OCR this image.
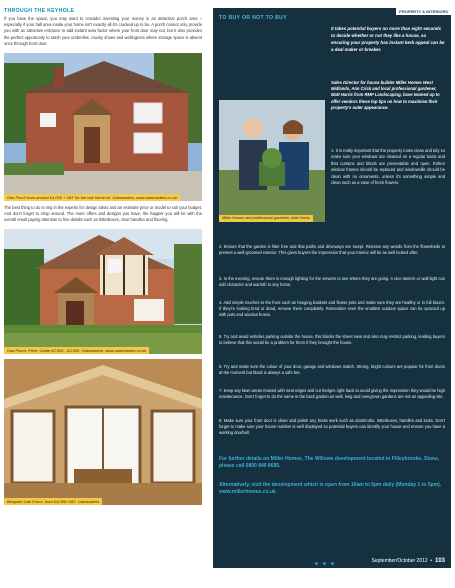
THROUGH THE KEYHOLE

If you have the space, you may want to consider investing your money in an attractive porch area – especially if your hall area inside your home isn't exactly all it's cracked up to be. A porch cannot only provide you with an attractive entrance to add instant wow factor where your front door may not, but it also provides the perfect opportunity to stash your umbrellas, mucky shoes and wellingtons where storage space is absent once through front door.

Oak Porch from around £4,000 + VAT for the oak frame kit, Oakmasters, www.oakmasters.co.uk

The best thing to do is ring in the experts for design ideas and an estimate price or model to suit your budget. And don't forget to shop around. The more offers and designs you have, the happier you will be with the overall result paying attention to fine details such as letterboxes, door handles and flooring.

Oak Porch. Price: Guide £2,000 - £3,500. Oakmasters, www.oakmasters.co.uk
Bespoke Oak Porch, from £4,000+VAT. Oakmasters
PROPERTY & INTERIORS
TO BUY OR NOT TO BUY
It takes potential buyers no more than eight seconds to decide whether or not they like a house, so ensuring your property has instant kerb appeal can be a deal maker or breaker.
Sales Director for house builder Miller Homes West Midlands, Ann Crick and local professional gardener, Matt Harris from RMP Landscaping, have teamed up to offer vendors these top tips on how to maximise their property's outer appearance.
Miller Homes and professional gardener, Matt Harris
1. It is really important that the property looks clean and tidy so make sure your windows are cleaned on a regular basis and that curtains and blinds are presentable and open. Rotten window frames should be replaced and windowsills should be clean with no ornaments, unless it's something simple and clean such as a vase of fresh flowers.

2. Ensure that the garden is litter free and that paths and driveways are swept. Remove any weeds from the flowerbeds to present a well-groomed exterior. This gives buyers the impression that your interior will be as well looked after.

3. In the evening, ensure there is enough lighting for the viewers to see where they are going. A nice lantern or wall light can add character and warmth to any home.

4. Add simple touches to the front such as hanging baskets and flower pots and make sure they are healthy or in full bloom. If they're looking tired or dead, remove them completely. Remember even the smallest outdoor space can be spruced up with pots and window boxes.

5. Try and avoid vehicles parking outside the house, this blocks the street view and also may restrict parking, leading buyers to believe that this would be a problem for them if they brought the house.

6. Try and make sure the colour of your door, garage and windows match. Strong, bright colours are popular for front doors at the moment but black is always a safe bet.

7. Keep any lawn areas mowed with neat edges and cut hedges right back to avoid giving the impression they would be high maintenance. Don't forget to do the same in the back garden as well, long and overgrown gardens are not an appealing site.

8. Make sure your front door is clean and polish any brass work such as doorknobs, letterboxes, handles and locks. Don't forget to make sure your house number is well displayed so potential buyers can identify your house and ensure you have a working doorbell.

For further details on Miller Homes, The Willows development located in Filleybrooke, Stone, please call 0800 840 8695.
Alternatively, visit the development which is open from 10am to 5pm daily (Monday 1 to 5pm). www.millerhomes.co.uk
September/October 2012  •  103
